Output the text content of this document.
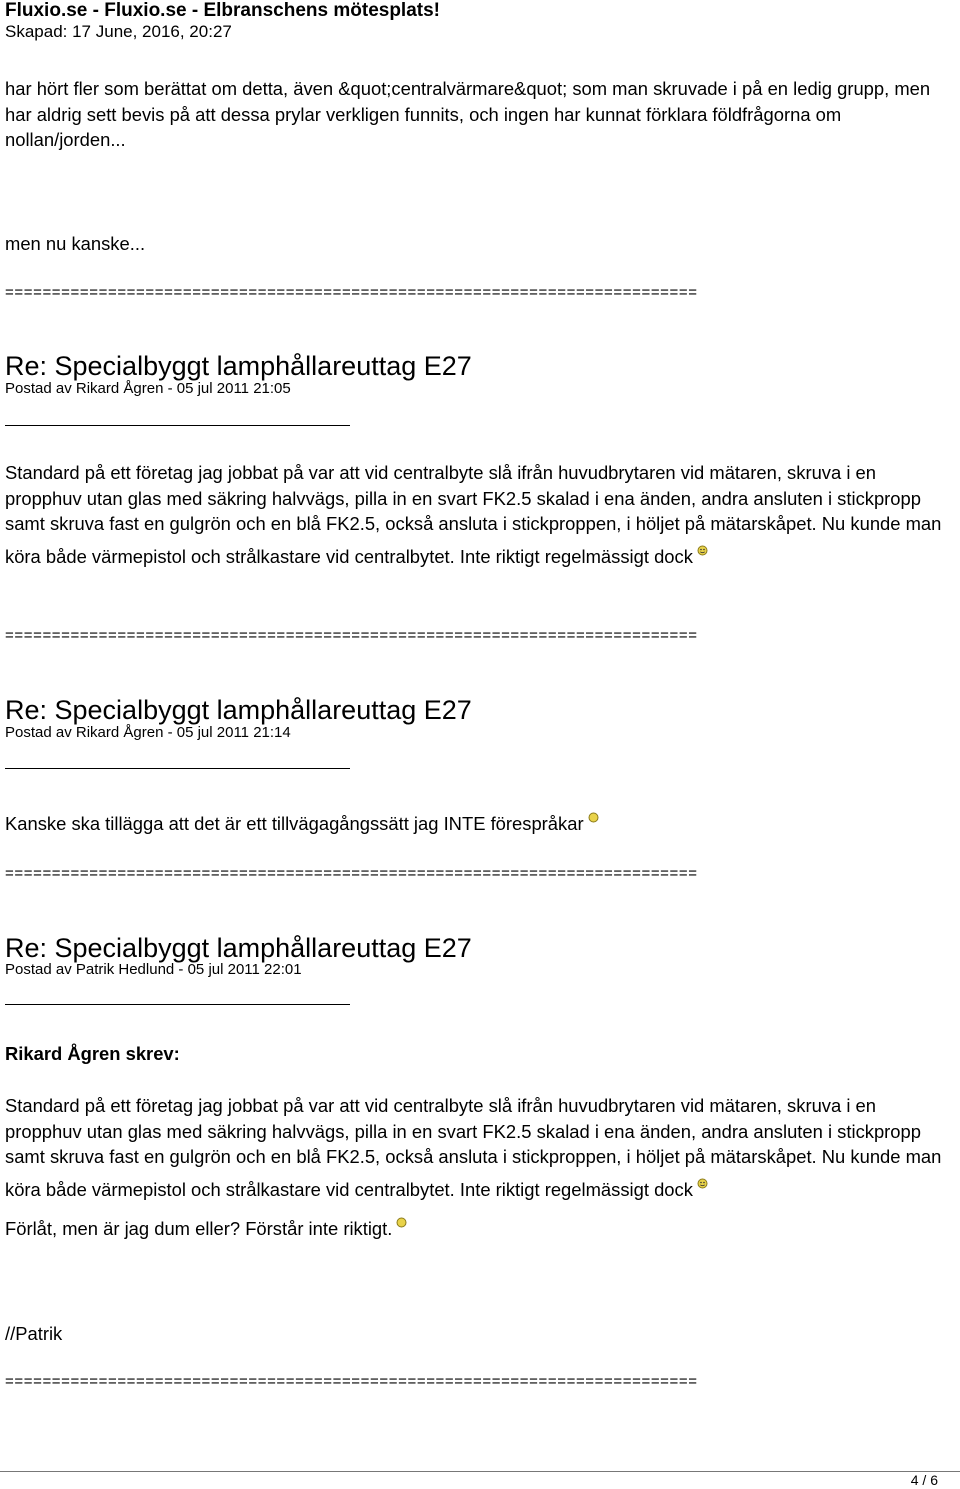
Fluxio.se - Fluxio.se - Elbranschens mötesplats!
Skapad: 17 June, 2016, 20:27
har hört fler som berättat om detta, även &quot;centralvärmare&quot; som man skruvade i på en ledig grupp, men har aldrig sett bevis på att dessa prylar verkligen funnits, och ingen har kunnat förklara földfrågorna om nollan/jorden...
men nu kanske...
==========================================================================
Re: Specialbyggt lamphållareuttag E27
Postad av Rikard Ågren - 05 jul 2011 21:05
Standard på ett företag jag jobbat på var att vid centralbyte slå ifrån huvudbrytaren vid mätaren, skruva i en propphuv utan glas med säkring halvvägs, pilla in en svart FK2.5 skalad i ena änden, andra ansluten i stickpropp samt skruva fast en gulgrön och en blå FK2.5, också ansluta i stickproppen, i höljet på mätarskåpet. Nu kunde man köra både värmepistol och strålkastare vid centralbytet. Inte riktigt regelmässigt dock
==========================================================================
Re: Specialbyggt lamphållareuttag E27
Postad av Rikard Ågren - 05 jul 2011 21:14
Kanske ska tillägga att det är ett tillvägagångssätt jag INTE förespråkar
==========================================================================
Re: Specialbyggt lamphållareuttag E27
Postad av Patrik Hedlund - 05 jul 2011 22:01
Rikard Ågren skrev:
Standard på ett företag jag jobbat på var att vid centralbyte slå ifrån huvudbrytaren vid mätaren, skruva i en propphuv utan glas med säkring halvvägs, pilla in en svart FK2.5 skalad i ena änden, andra ansluten i stickpropp samt skruva fast en gulgrön och en blå FK2.5, också ansluta i stickproppen, i höljet på mätarskåpet. Nu kunde man köra både värmepistol och strålkastare vid centralbytet. Inte riktigt regelmässigt dock
Förlåt, men är jag dum eller? Förstår inte riktigt.
//Patrik
==========================================================================
4 / 6
